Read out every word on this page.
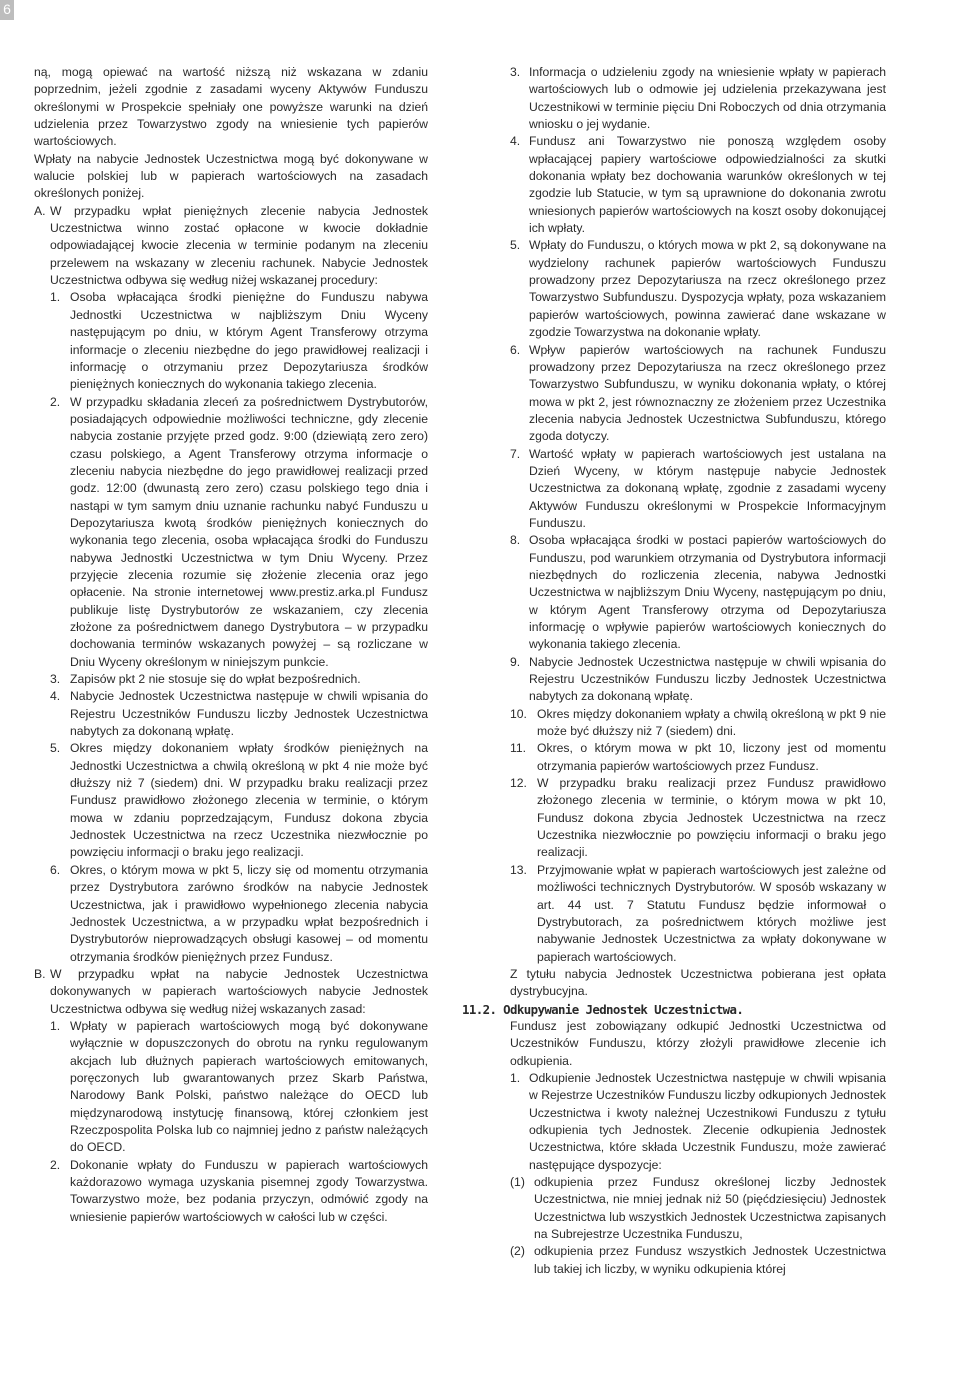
6

ną, mogą opiewać na wartość niższą niż wskazana w zdaniu poprzednim, jeżeli zgodnie z zasadami wyceny Aktywów Funduszu określonymi w Prospekcie spełniały one powyższe warunki na dzień udzielenia przez Towarzystwo zgody na wniesienie tych papierów wartościowych.

Wpłaty na nabycie Jednostek Uczestnictwa mogą być dokonywane w walucie polskiej lub w papierach wartościowych na zasadach określonych poniżej.

A. W przypadku wpłat pieniężnych zlecenie nabycia Jednostek Uczestnictwa winno zostać opłacone w kwocie dokładnie odpowiadającej kwocie zlecenia w terminie podanym na zleceniu przelewem na wskazany w zleceniu rachunek. Nabycie Jednostek Uczestnictwa odbywa się według niżej wskazanej procedury:
1. Osoba wpłacająca środki pieniężne do Funduszu nabywa Jednostki Uczestnictwa w najbliższym Dniu Wyceny następującym po dniu, w którym Agent Transferowy otrzyma informacje o zleceniu niezbędne do jego prawidłowej realizacji i informację o otrzymaniu przez Depozytariusza środków pieniężnych koniecznych do wykonania takiego zlecenia.
2. W przypadku składania zleceń za pośrednictwem Dystrybutorów, posiadających odpowiednie możliwości techniczne, gdy zlecenie nabycia zostanie przyjęte przed godz. 9:00 (dziewiątą zero zero) czasu polskiego, a Agent Transferowy otrzyma informacje o zleceniu nabycia niezbędne do jego prawidłowej realizacji przed godz. 12:00 (dwunastą zero zero) czasu polskiego tego dnia i nastąpi w tym samym dniu uznanie rachunku nabyć Funduszu u Depozytariusza kwotą środków pieniężnych koniecznych do wykonania tego zlecenia, osoba wpłacająca środki do Funduszu nabywa Jednostki Uczestnictwa w tym Dniu Wyceny. Przez przyjęcie zlecenia rozumie się złożenie zlecenia oraz jego opłacenie. Na stronie internetowej www.prestiz.arka.pl Fundusz publikuje listę Dystrybutorów ze wskazaniem, czy zlecenia złożone za pośrednictwem danego Dystrybutora – w przypadku dochowania terminów wskazanych powyżej – są rozliczane w Dniu Wyceny określonym w niniejszym punkcie.
3. Zapisów pkt 2 nie stosuje się do wpłat bezpośrednich.
4. Nabycie Jednostek Uczestnictwa następuje w chwili wpisania do Rejestru Uczestników Funduszu liczby Jednostek Uczestnictwa nabytych za dokonaną wpłatę.
5. Okres między dokonaniem wpłaty środków pieniężnych na Jednostki Uczestnictwa a chwilą określoną w pkt 4 nie może być dłuższy niż 7 (siedem) dni. W przypadku braku realizacji przez Fundusz prawidłowo złożonego zlecenia w terminie, o którym mowa w zdaniu poprzedzającym, Fundusz dokona zbycia Jednostek Uczestnictwa na rzecz Uczestnika niezwłocznie po powzięciu informacji o braku jego realizacji.
6. Okres, o którym mowa w pkt 5, liczy się od momentu otrzymania przez Dystrybutora zarówno środków na nabycie Jednostek Uczestnictwa, jak i prawidłowo wypełnionego zlecenia nabycia Jednostek Uczestnictwa, a w przypadku wpłat bezpośrednich i Dystrybutorów nieprowadzących obsługi kasowej – od momentu otrzymania środków pieniężnych przez Fundusz.
B. W przypadku wpłat na nabycie Jednostek Uczestnictwa dokonywanych w papierach wartościowych nabycie Jednostek Uczestnictwa odbywa się według niżej wskazanych zasad:
1. Wpłaty w papierach wartościowych mogą być dokonywane wyłącznie w dopuszczonych do obrotu na rynku regulowanym akcjach lub dłużnych papierach wartościowych emitowanych, poręczonych lub gwarantowanych przez Skarb Państwa, Narodowy Bank Polski, państwo należące do OECD lub międzynarodową instytucję finansową, której członkiem jest Rzeczpospolita Polska lub co najmniej jedno z państw należących do OECD.
2. Dokonanie wpłaty do Funduszu w papierach wartościowych każdorazowo wymaga uzyskania pisemnej zgody Towarzystwa. Towarzystwo może, bez podania przyczyn, odmówić zgody na wniesienie papierów wartościowych w całości lub w części.
3. Informacja o udzieleniu zgody na wniesienie wpłaty w papierach wartościowych lub o odmowie jej udzielenia przekazywana jest Uczestnikowi w terminie pięciu Dni Roboczych od dnia otrzymania wniosku o jej wydanie.
4. Fundusz ani Towarzystwo nie ponoszą względem osoby wpłacającej papiery wartościowe odpowiedzialności za skutki dokonania wpłaty bez dochowania warunków określonych w tej zgodzie lub Statucie, w tym są uprawnione do dokonania zwrotu wniesionych papierów wartościowych na koszt osoby dokonującej ich wpłaty.
5. Wpłaty do Funduszu, o których mowa w pkt 2, są dokonywane na wydzielony rachunek papierów wartościowych Funduszu prowadzony przez Depozytariusza na rzecz określonego przez Towarzystwo Subfunduszu. Dyspozycja wpłaty, poza wskazaniem papierów wartościowych, powinna zawierać dane wskazane w zgodzie Towarzystwa na dokonanie wpłaty.
6. Wpływ papierów wartościowych na rachunek Funduszu prowadzony przez Depozytariusza na rzecz określonego przez Towarzystwo Subfunduszu, w wyniku dokonania wpłaty, o której mowa w pkt 2, jest równoznaczny ze złożeniem przez Uczestnika zlecenia nabycia Jednostek Uczestnictwa Subfunduszu, którego zgoda dotyczy.
7. Wartość wpłaty w papierach wartościowych jest ustalana na Dzień Wyceny, w którym następuje nabycie Jednostek Uczestnictwa za dokonaną wpłatę, zgodnie z zasadami wyceny Aktywów Funduszu określonymi w Prospekcie Informacyjnym Funduszu.
8. Osoba wpłacająca środki w postaci papierów wartościowych do Funduszu, pod warunkiem otrzymania od Dystrybutora informacji niezbędnych do rozliczenia zlecenia, nabywa Jednostki Uczestnictwa w najbliższym Dniu Wyceny, następującym po dniu, w którym Agent Transferowy otrzyma od Depozytariusza informację o wpływie papierów wartościowych koniecznych do wykonania takiego zlecenia.
9. Nabycie Jednostek Uczestnictwa następuje w chwili wpisania do Rejestru Uczestników Funduszu liczby Jednostek Uczestnictwa nabytych za dokonaną wpłatę.
10. Okres między dokonaniem wpłaty a chwilą określoną w pkt 9 nie może być dłuższy niż 7 (siedem) dni.
11. Okres, o którym mowa w pkt 10, liczony jest od momentu otrzymania papierów wartościowych przez Fundusz.
12. W przypadku braku realizacji przez Fundusz prawidłowo złożonego zlecenia w terminie, o którym mowa w pkt 10, Fundusz dokona zbycia Jednostek Uczestnictwa na rzecz Uczestnika niezwłocznie po powzięciu informacji o braku jego realizacji.
13. Przyjmowanie wpłat w papierach wartościowych jest zależne od możliwości technicznych Dystrybutorów. W sposób wskazany w art. 44 ust. 7 Statutu Fundusz będzie informował o Dystrybutorach, za pośrednictwem których możliwe jest nabywanie Jednostek Uczestnictwa za wpłaty dokonywane w papierach wartościowych.

Z tytułu nabycia Jednostek Uczestnictwa pobierana jest opłata dystrybucyjna.

11.2. Odkupywanie Jednostek Uczestnictwa.

Fundusz jest zobowiązany odkupić Jednostki Uczestnictwa od Uczestników Funduszu, którzy złożyli prawidłowe zlecenie ich odkupienia.

1. Odkupienie Jednostek Uczestnictwa następuje w chwili wpisania w Rejestrze Uczestników Funduszu liczby odkupionych Jednostek Uczestnictwa i kwoty należnej Uczestnikowi Funduszu z tytułu odkupienia tych Jednostek. Zlecenie odkupienia Jednostek Uczestnictwa, które składa Uczestnik Funduszu, może zawierać następujące dyspozycje:
(1) odkupienia przez Fundusz określonej liczby Jednostek Uczestnictwa, nie mniej jednak niż 50 (pięćdziesięciu) Jednostek Uczestnictwa lub wszystkich Jednostek Uczestnictwa zapisanych na Subrejestrze Uczestnika Funduszu,
(2) odkupienia przez Fundusz wszystkich Jednostek Uczestnictwa lub takiej ich liczby, w wyniku odkupienia której
